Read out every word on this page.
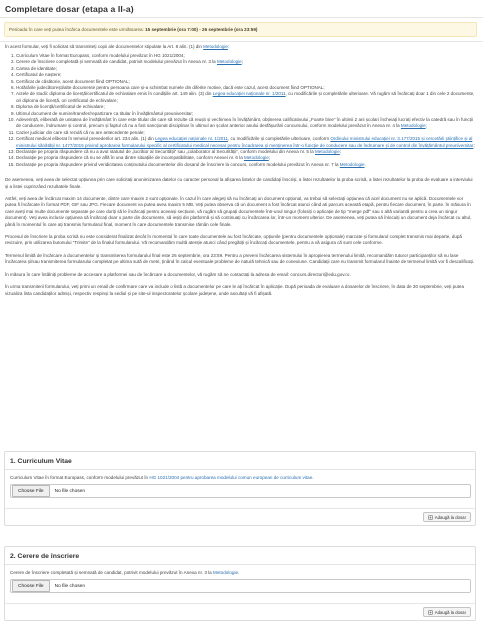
Completare dosar (etapa a II-a)
Perioada în care veți putea încărca documentele este următoarea: 15 septembrie (ora 7:00) - 26 septembrie (ora 23:59)

În acest formular, veți fi solicitat să transmiteți copii ale documentelor stipulate la Art. 8 alin. (1) din Metodologie:

1. Curriculum Vitae în format Europass, conform modelului prevăzut în HG 1021/2004;
2. Cerere de înscriere completată și semnată de candidat, potrivit modelului prevăzut în Anexa nr. 3 la Metodologie;
3. Cartea de identitate;
4. Certificatul de naștere;
5. Certificat de căsătorie, acest document fiind OPTIONAL;
6. Hotărârile judecătorești/alte documente pentru persoana care și-a schimbat numele din diferite motive, dacă este cazul, acest document fiind OPTIONAL;
7. Actele de studii: diploma de licență/certificatul de echivalare emis în condițiile art. 149 alin. (3) din Legea educației naționale nr. 1/2011, cu modificările și completările ulterioare. Vă rugăm să încărcați doar 1 din cele 2 documente, ori diploma de licență, ori certificatul de echivalare;
8. Diploma de licență/certificatul de echivalare;
9. Ultimul document de numire/transfer/repartizare ca titular în învățământul preuniversitar;
10. Adeverință, eliberată de unitatea de învățământ în care este titular din care să rezulte că reușit și vechimea în învățământ, obținerea calificativului „Foarte bine” în ultimii 2 ani școlari încheiați lucrați efectiv la catedră sau în funcții de conducere, îndrumare și control, precum și faptul că nu a fost sancționat disciplinar în ultimul an școlar anterior anului desfășurării concursului, conform modelului prevăzut în Anexa nr. 4 la Metodologie;
11. Cazier judiciar din care să rezulă că nu are antecedente penale;
12. Certificat medical eliberat în temeiul prevederilor art. 234 alin. (1) din Legea educației naționale nr. 1/2011, cu modificările și completările ulterioare, conform Ordinului ministrului educației nr. 3.177/2015 și cercetării științifice și al ministrului sănătății nr. 1477/2015 privind aprobarea formularului specific al certificatului medical necesar pentru încadrarea și menținerea într-o funcție de conducere sau de îndrumare și de control din învățământul preuniversitar;
13. Declarație pe propria răspundere că nu a avut statutul de „lucrător al Securității” sau „colaborator al Securității”, conform modelului din Anexa nr. 5 la Metodologie;
14. Declarație pe propria răspundere că nu se află în una dintre situațiile de incompatibilitate, conform Anexei nr. 6 la Metodologie;
15. Declarație pe propria răspundere privind veridicitatea conținutului documentelor din dosarul de înscriere la concurs, conform modelului prevăzut în Anexa nr. 7 la Metodologie.

De asemenea, veți avea de selectat opțiunea prin care solicitați anonimizarea datelor cu caracter personal la afișarea listelor de candidați înscriși, a listei rezultatelor la proba scrisă, a listei rezultatelor la proba de evaluare a interviului și a listei cuprinzând rezultatele finale.

Astfel, veți avea de încărcat maxim 14 documente, dintre care maxim 2 sunt opționale. În cazul în care alegeți să nu încărcați un document opțional, va trebui să selectați opțiunea că acel document nu se aplică. Documentele vor putea fi încărcate în format PDF, GIF sau JPG. Fiecare document va putea avea maxim 5 MB. Veți putea observa că un document a fost încărcat atunci când ati parcurs această etapă, pentru fiecare document, în parte. În măsura în care aveți mai multe documente separate pe care doriți să le încărcați pentru aceeași secțiune, vă rugăm să grupați documentele într-unul singur (folosiți o aplicație de tip "merge pdf" sau o altă variantă pentru a crea un singur document). Veți avea inclusiv opțiunea să încărcați doar o parte din documente, să ieșiți din platformă și să continuați cu încărcarea lor, într-un moment ulterior. De asemenea, veți putea să înlocuiți un document deja încărcat cu altul, până în momentul în care ați transmis formularul final, moment în care documentele transmise rămân cele finale.

Procesul de înscriere la proba scrisă nu este considerat finalizat decât în momentul în care toate documentele au fost încărcate, opțiunile (pentru documentele opționale) marcate și formularul complet transmis mai departe, după revizuire, prin utilizarea butonului "Trimite" de la finalul formularului. Vă recomandăm multă atenție atunci când pregătiți și încărcați documentele, pentru a vă asigura că sunt cele conforme.

Termenul limită de încărcare a documentelor și transmiterea formularului final este 26 septembrie, ora 23:59. Pentru a preveni încărcarea sistemului în apropierea termenului limită, recomandăm tuturor participanților să nu lase încărcarea și/sau transmiterea formularului completat pe ultima sută de metri, ținând în calcul eventuale probleme de natură tehnică sau de conexiune. Candidații care nu transmit formularul înainte de termenul limită vor fi descalificați.

În măsura în care întâlniți probleme de accesare a platformei sau de încărcare a documentelor, vă rugăm să ne contactați la adresa de email: concurs.directori@edu.gov.ro.

În urma transmiterii formularului, veți primi un email de confirmare care va include o listă a documentelor pe care le ați încărcat în aplicație. După perioada de evaluare a dosarelor de înscriere, în data de 30 septembrie, veți putea vizualiza lista candidaților admiși, respectiv respinși la sediul și pe site-ul inspectoratelor școlare județene, unde ascultați vă fi afișată.

1. Curriculum Vitae
Curriculum Vitae în format Europass, conform modelului prevăzut în HG 1021/2004 pentru aprobarea modelului comun european de curriculum vitae.
Choose File	No file chosen
Adaugă la dosar
2. Cerere de înscriere
Cerere de înscriere completată și semnată de candidat, potrivit modelului prevăzut în Anexa nr. 3 la Metodologie.
Choose File	No file chosen
Adaugă la dosar
